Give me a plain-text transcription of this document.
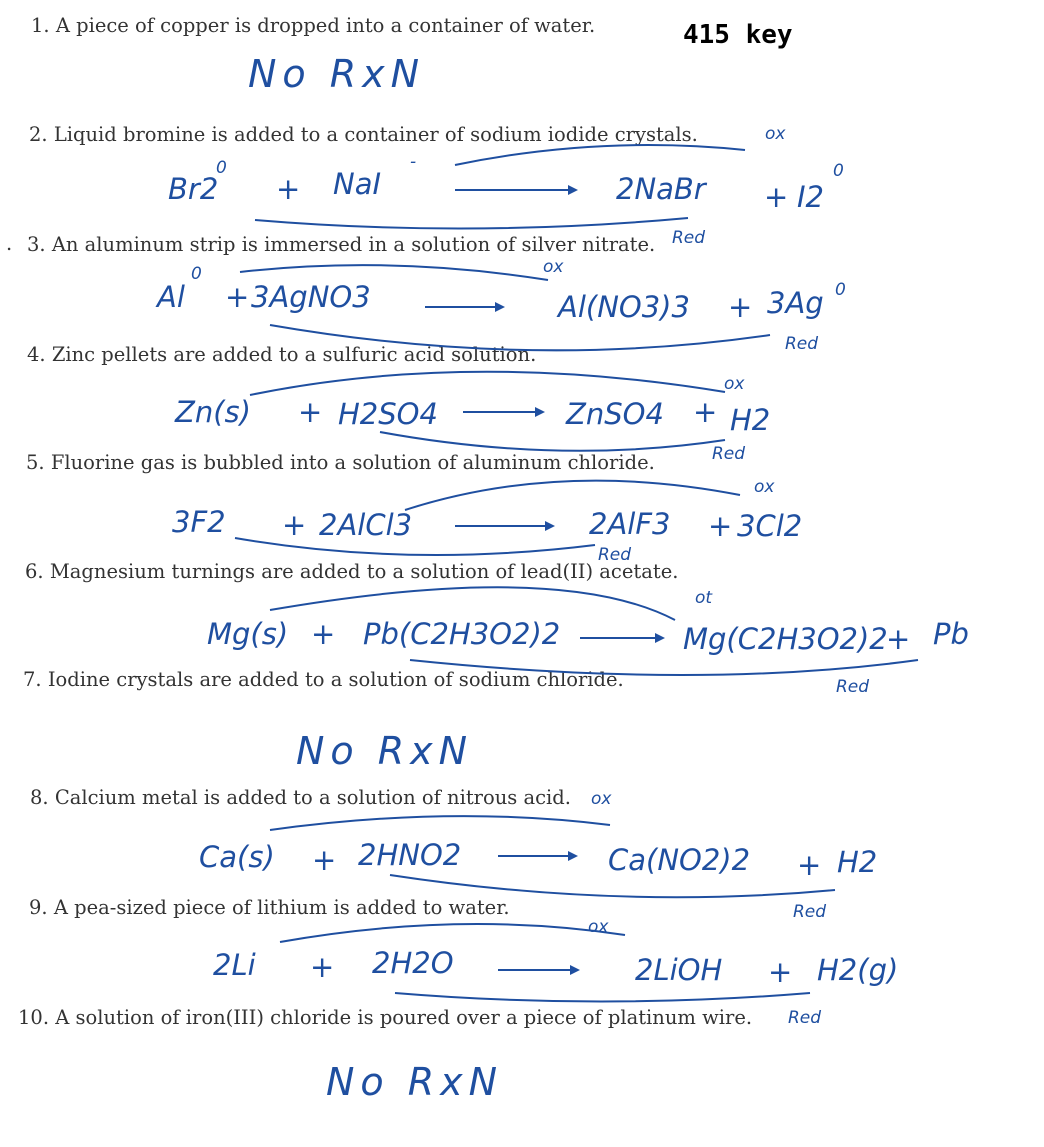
415 key
.
1. A piece of copper is dropped into a container of water.
2. Liquid bromine is added to a container of sodium iodide crystals.
3. An aluminum strip is immersed in a solution of silver nitrate.
4. Zinc pellets are added to a sulfuric acid solution.
5. Fluorine gas is bubbled into a solution of aluminum chloride.
6. Magnesium turnings are added to a solution of lead(II) acetate.
7. Iodine crystals are added to a solution of sodium chloride.
8. Calcium metal is added to a solution of nitrous acid.
9. A pea-sized piece of lithium is added to water.
10. A solution of iron(III) chloride is poured over a piece of platinum wire.
No RxN
Br2
0
+ NaI
-
2NaBr + I2
0
ox
Red
Al
0
+ 3AgNO3	Al(NO3)3 + 3Ag 0
ox
Red
Zn(s) + H2SO4	ZnSO4 + H2
ox
Red
3F2 + 2AlCl3	2AlF3 + 3Cl2
ox
Red
Mg(s) + Pb(C2H3O2)2	Mg(C2H3O2)2
+ Pb
ot
Red
No RxN
Ca(s) + 2HNO2	Ca(NO2)2 + H2
ox
Red
2Li + 2H2O	2LiOH + H2(g)
ox
Red
No RxN
